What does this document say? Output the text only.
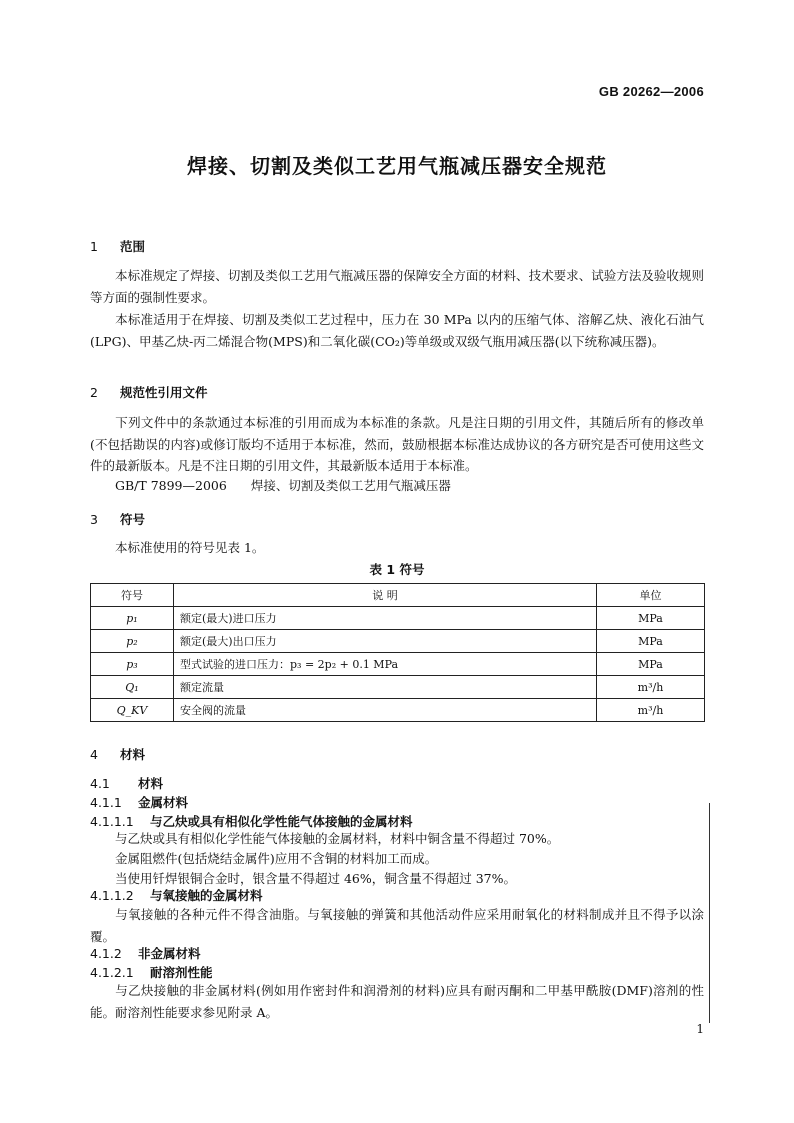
GB 20262—2006
焊接、切割及类似工艺用气瓶减压器安全规范
1 范围
本标准规定了焊接、切割及类似工艺用气瓶减压器的保障安全方面的材料、技术要求、试验方法及验收规则等方面的强制性要求。
本标准适用于在焊接、切割及类似工艺过程中，压力在 30 MPa 以内的压缩气体、溶解乙炔、液化石油气(LPG)、甲基乙炔-丙二烯混合物(MPS)和二氧化碳(CO₂)等单级或双级气瓶用减压器(以下统称减压器)。
2 规范性引用文件
下列文件中的条款通过本标准的引用而成为本标准的条款。凡是注日期的引用文件，其随后所有的修改单(不包括勘误的内容)或修订版均不适用于本标准，然而，鼓励根据本标准达成协议的各方研究是否可使用这些文件的最新版本。凡是不注日期的引用文件，其最新版本适用于本标准。
GB/T 7899—2006 焊接、切割及类似工艺用气瓶减压器
3 符号
本标准使用的符号见表 1。
表 1 符号
符号	说 明	单位
p₁	额定(最大)进口压力	MPa
p₂	额定(最大)出口压力	MPa
p₃	型式试验的进口压力：p₃ = 2p₂ + 0.1 MPa	MPa
Q₁	额定流量	m³/h
Q_KV	安全阀的流量	m³/h
4 材料
4.1 材料
4.1.1 金属材料
4.1.1.1 与乙炔或具有相似化学性能气体接触的金属材料
与乙炔或具有相似化学性能气体接触的金属材料，材料中铜含量不得超过 70%。
金属阻燃件(包括烧结金属件)应用不含铜的材料加工而成。
当使用钎焊银铜合金时，银含量不得超过 46%，铜含量不得超过 37%。
4.1.1.2 与氧接触的金属材料
与氧接触的各种元件不得含油脂。与氧接触的弹簧和其他活动件应采用耐氧化的材料制成并且不得予以涂覆。
4.1.2 非金属材料
4.1.2.1 耐溶剂性能
与乙炔接触的非金属材料(例如用作密封件和润滑剂的材料)应具有耐丙酮和二甲基甲酰胺(DMF)溶剂的性能。耐溶剂性能要求参见附录 A。
1
